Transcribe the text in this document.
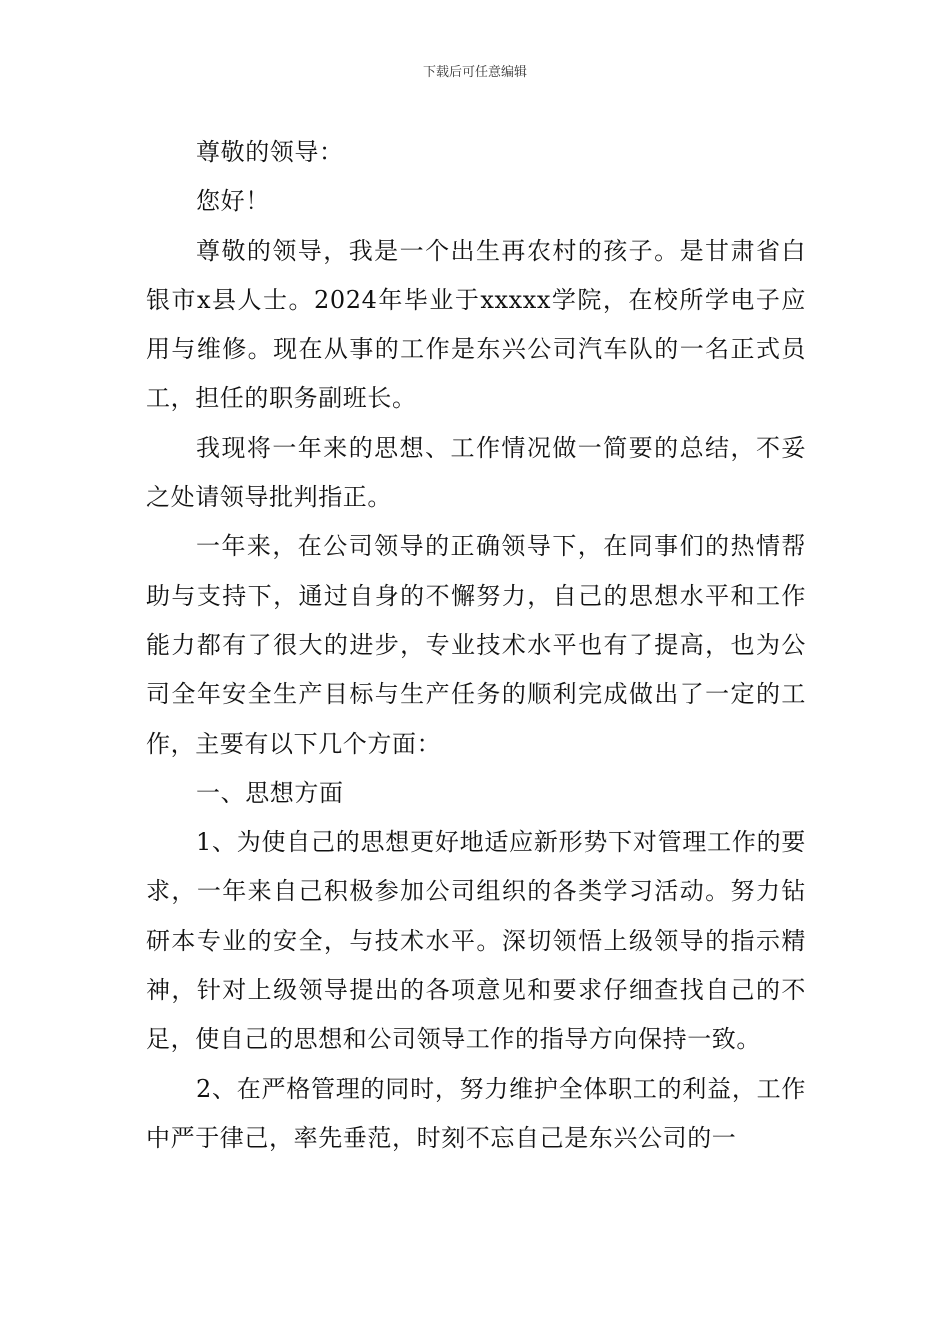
下载后可任意编辑

尊敬的领导：

您好！

尊敬的领导，我是一个出生再农村的孩子。是甘肃省白银市x县人士。2024年毕业于xxxxx学院，在校所学电子应用与维修。现在从事的工作是东兴公司汽车队的一名正式员工，担任的职务副班长。

我现将一年来的思想、工作情况做一简要的总结，不妥之处请领导批判指正。

一年来，在公司领导的正确领导下，在同事们的热情帮助与支持下，通过自身的不懈努力，自己的思想水平和工作能力都有了很大的进步，专业技术水平也有了提高，也为公司全年安全生产目标与生产任务的顺利完成做出了一定的工作，主要有以下几个方面：

一、思想方面

1、为使自己的思想更好地适应新形势下对管理工作的要求，一年来自己积极参加公司组织的各类学习活动。努力钻研本专业的安全，与技术水平。深切领悟上级领导的指示精神，针对上级领导提出的各项意见和要求仔细查找自己的不足，使自己的思想和公司领导工作的指导方向保持一致。

2、在严格管理的同时，努力维护全体职工的利益，工作中严于律己，率先垂范，时刻不忘自己是东兴公司的一
